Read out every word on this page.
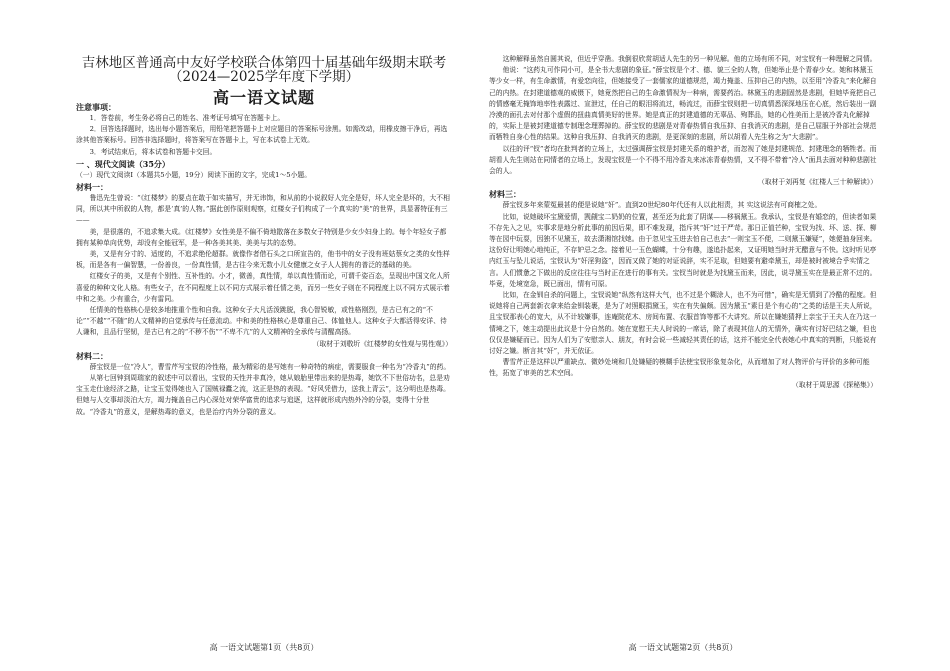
吉林地区普通高中友好学校联合体第四十届基础年级期末联考
（2024—2025学年度下学期）
高一语文试题

注意事项：

1．答卷前，考生务必将自己的姓名、准考证号填写在答题卡上。

2．回答选择题时，选出每小题答案后，用铅笔把答题卡上对应题目的答案标号涂黑。如需改动，用橡皮擦干净后，再选涂其他答案标号。回答非选择题时，将答案写在答题卡上，写在本试卷上无效。

3．考试结束后，将本试卷和答题卡交回。

一 、现代文阅读（35分）

（一）现代文阅读Ⅰ（本题共5小题，19分）阅读下面的文字，完成1～5小题。

材料一：

鲁迅先生曾说：“《红楼梦》的要点在敢于如实描写，并无讳饰，和从前的小说叙好人完全是好，坏人完全是坏的，大不相同，所以其中所叙的人物，都是‘真’的人物。”据此创作原则观察，红楼女子们构成了一个真实的“美”的世界，具显著特征有三——

美，是很落的，不追求集大成。《红楼梦》女性美是不偏不倚地散落在多数女子特别是少女少妇身上的。每个年轻女子都拥有某种单向优势，却没有全能冠军，是一种各美其美、美美与共的态势。

美，又是有分寸的、适度的，不追求绝伦超群。就像作者借石头之口所宣告的，他书中的女子没有班姑蔡女之类的女性样板，而是各有一偏智慧，一份善良，一份真性情，是古往今来无数小儿女健康之女子人人拥有的普泛的基础的美。

红楼女子的美，又是有个别性、互补性的。小才，微善，真性情，单以真性情而论，可谓千姿百态，呈现出中国文化人所喜爱的种种文化人格。有些女子，在不同程度上以不同方式展示着任情之美，而另一些女子则在不同程度上以不同方式展示着中和之美。少有重合，少有雷同。

任情美的性格核心是较多地推重个性和自我。这种女子大凡活泼跳脱，我心智锐敏，或性格刚烈，是古已有之的“不论”“不越”“不随”的人文精神的自觉承传与任意流动。中和美的性格核心是尊重自己、体恤他人。这种女子大都活得安详、待人谦和，且品行坚韧，是古已有之的“不秽不伤”“不卑不亢”的人文精神的全承传与清醒高扬。

（取材于刘敬圻《红楼梦的女性观与男性观》）

材料二：

薛宝钗是一位“冷人”，曹雪芹写宝钗的冷性格，最为精彩的是写她有一种奇特的病症，需要服食一种名为“冷香丸”的药。

从第七回钟到周瑞家的叙述中可以看出，宝钗的天性并非真冷，她从娘胎里带出来的是热毒，她饮不下世俗功名，总是劝宝玉走仕途经济之路，让宝玉觉得她也入了国贼禄蠹之流，这正是热的表现。“好风凭借力，送我上青云”，这分明也是热毒。但她与人交事却淡泊大方，竭力掩盖自己内心深处对荣华富贵的追求与追逐，这样就形成内热外冷的分裂，变得十分世故。“冷香丸”的意义，是解热毒的意义，也是治疗内外分裂的意义。

高 一语文试题第1页（共8页）

这种解释虽然自圆其说，但近乎穿凿。我倒很欣赏胡适人先生的另一种见解。他的立场有所不同，对宝钗有一种理解之同情。

他说：“这药丸可作同小可，是全书大悲剧的象征。”薛宝钗是个才、德、貌三全的人物，但她举止是个青春少女。她和林黛玉等少女一样，有生命激情，有爱恋向往，但她接受了一套儒家的道德规范，竭力掩盖、压抑自己的内热，以至用“冷香丸”来化解自己的内热。在封建道德观的威慑下，她竟然把自己的生命激情视为一种病，需要药治。林黛玉的悲剧固然是悲剧，但她毕竟把自己的情感毫无掩饰地率性表露过、宣泄过，任自己的眼泪将流过，畅流过，而薛宝钗则把一切真情悉深深地压在心底，然后装出一副冷漠的面孔去对付那个虚假的扭曲真情美好的世界。她是真正的封建道德的无辜品、殉葬品，她的心性美而上是被冷香丸化解掉的，实际上是被封建道德专制理念理葬掉的。薛宝钗的悲剧是对青春热情自我压抑、自我消灭的悲剧，是自己屈服于外部社会规范而牺牲自身心性的结果。这种自我压抑、自我消灭的悲剧，是更深刻的悲剧，所以胡看人先生称之为“大悲剧”。

以往的评“钗”者均在批判者的立场上，太过强调薛宝钗是封建关系的维护者，而忽视了她是封建规范、封建理念的牺牲者。而胡看人先生则站在同情者的立场上，发现宝钗是一个不得不用冷香丸来冰冻青春热情，又不得不带着“冷人”面具去面对种种悲剧社会的人。

（取材于刘再复《红楼人三十种解读》）

材料三：

薛宝钗多年来蒙冤最甚的便是说她“奸”。直到20世纪80年代还有人以此相责，其 实这说法有可商榷之处。

比如，说她破坏宝黛爱情，觊觎宝二奶奶的位置，甚至还为此套了阴谋——移祸黛玉。我承认，宝钗是有婚恋的，但读者如果不存先入之见，实事求是地分析此事的前因后果，即不难发现，指斥其“奸”过于严苛。那日正值芒种，宝钗为找、坏、送、探、柳等在园中玩耍，因独不见黛玉，故去潇湘馆找她。由于忽见宝玉进去怕自己也去“一则宝玉不便，二则黛玉嫌疑”，她便抽身回来。这份好让明她心地纯正，不存妒忌之念。接着见一玉色蝴蝶，十分有趣，遂追扑起来，又证明她当时并无醋意与不快。这时听见亭内红玉与坠儿说话，宝钗认为“奸淫狗盗”，因而又做了她的对证说辞，实不足取，但她要有避牵黛玉，却是被时被境合乎实情之言。人们惯惫之下做出的反应往往与当时正在进行的事有关。宝钗当时就是为找黛玉而来，因此，说寻黛玉实在是最正常不过的。毕竟，处境宽急，既已面出，情有可原。

比如，在金钏自杀的问题上，宝钗说她“纵然有这样大气，也不过是个糊涂人，也不为可惜”，确实是无情到了冷酷的程度。但说她将自己两套新衣拿来给金钏装裹，是为了对照眼捐黛玉，实在有失偏颇。因为黛玉“素日是个有心的”之类的话是王夫人所说，且宝钗那表心的宽大，从不计较嫌事，连庵院花木、房间布置、衣服首饰等都不大讲究。所以在嫌她猜押上亲宝于王夫人在乃这一情境之下，她主动提出此议是十分自然的。她在宽慰王夫人时说的一席话，除了表现其信人的无情外，确实有讨好巴结之嫌，但也仅仅是嫌疑而已。因为人们为了安慰亲人、朋友，有时会说一些减轻其责任的话，这并不能完全代表她心中真实的判断，只能说有讨好之嫌。断言其“奸”，并无依证。

曹雪芹正是这样以严重缺点、微妙处境和几处嫌疑的模糊手法使宝钗形象复杂化，从而增加了对人物评价与评价的多种可能性，拓宽了审美的艺术空间。

（取材于周思源《探秘集》）

高 一语文试题第2页（共8页）
